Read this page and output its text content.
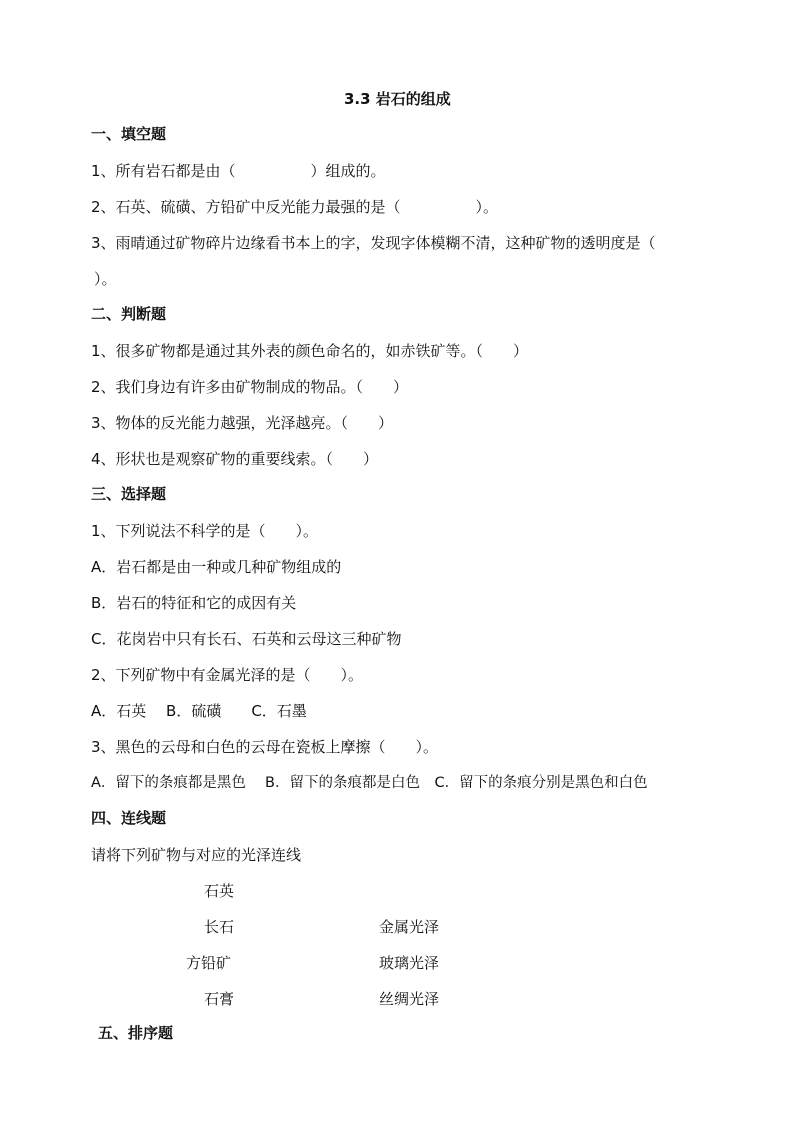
3.3 岩石的组成
一、填空题
1、所有岩石都是由（　　　　　）组成的。
2、石英、硫磺、方铅矿中反光能力最强的是（　　　　　）。
3、雨晴通过矿物碎片边缘看书本上的字，发现字体模糊不清，这种矿物的透明度是（
）。
二、判断题
1、很多矿物都是通过其外表的颜色命名的，如赤铁矿等。（　　）
2、我们身边有许多由矿物制成的物品。（　　）
3、物体的反光能力越强，光泽越亮。（　　）
4、形状也是观察矿物的重要线索。（　　）
三、选择题
1、下列说法不科学的是（　　）。
A．岩石都是由一种或几种矿物组成的
B．岩石的特征和它的成因有关
C．花岗岩中只有长石、石英和云母这三种矿物
2、下列矿物中有金属光泽的是（　　）。
A．石英　 B．硫磺　　C．石墨
3、黑色的云母和白色的云母在瓷板上摩擦（　　）。
A．留下的条痕都是黑色　 B．留下的条痕都是白色　C．留下的条痕分别是黑色和白色
四、连线题
请将下列矿物与对应的光泽连线
石英
长石
方铅矿
石膏
金属光泽
玻璃光泽
丝绸光泽
五、排序题
